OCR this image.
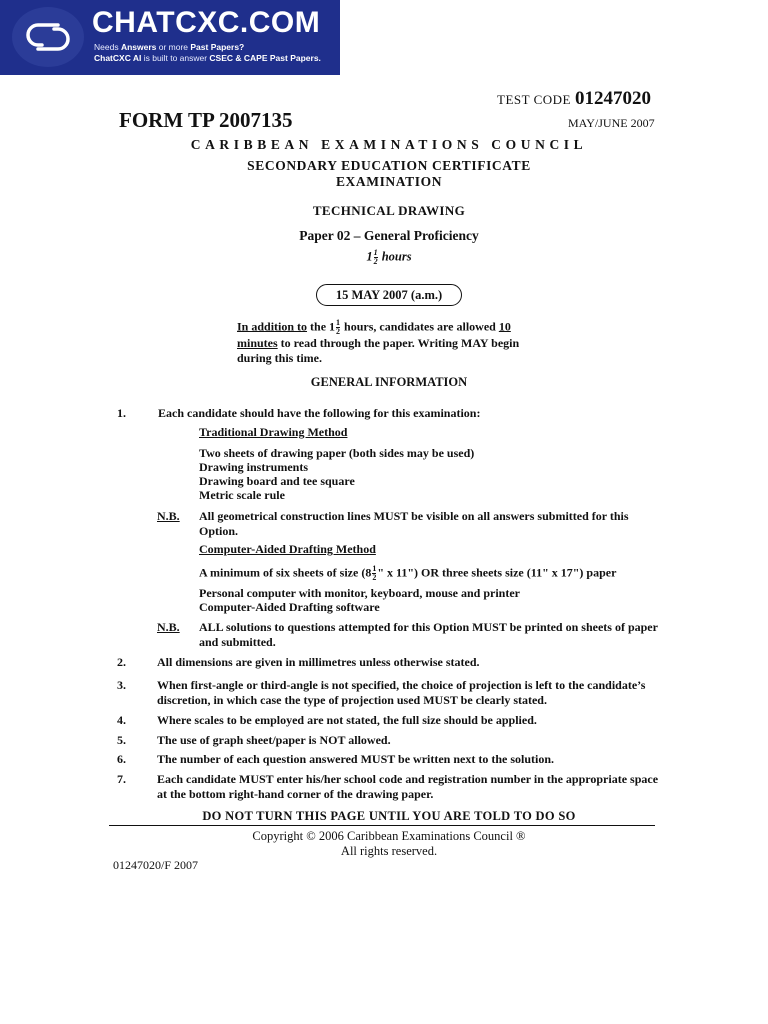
CHATCXC.COM
Needs Answers or more Past Papers?
ChatCXC AI is built to answer CSEC & CAPE Past Papers.
TEST CODE 01247020
FORM TP 2007135	MAY/JUNE 2007
CARIBBEAN EXAMINATIONS COUNCIL
SECONDARY EDUCATION CERTIFICATE
EXAMINATION
TECHNICAL DRAWING
Paper 02 – General Proficiency
$1 \frac{1}{2}$ hours
15 MAY 2007 (a.m.)
In addition to the $1 \frac{1}{2}$ hours, candidates are allowed 10 minutes to read through the paper. Writing MAY begin during this time.
GENERAL INFORMATION
1.	Each candidate should have the following for this examination:
Traditional Drawing Method
Two sheets of drawing paper (both sides may be used)
Drawing instruments
Drawing board and tee square
Metric scale rule
N.B. All geometrical construction lines MUST be visible on all answers submitted for this Option.
Computer-Aided Drafting Method
A minimum of six sheets of size ($8 \frac{1}{2}$ " x 11") OR three sheets size (11" x 17") paper
Personal computer with monitor, keyboard, mouse and printer
Computer-Aided Drafting software
N.B. ALL solutions to questions attempted for this Option MUST be printed on sheets of paper and submitted.
2.	All dimensions are given in millimetres unless otherwise stated.
3.	When first-angle or third-angle is not specified, the choice of projection is left to the candidate’s discretion, in which case the type of projection used MUST be clearly stated.
4.	Where scales to be employed are not stated, the full size should be applied.
5.	The use of graph sheet/paper is NOT allowed.
6.	The number of each question answered MUST be written next to the solution.
7.	Each candidate MUST enter his/her school code and registration number in the appropriate space at the bottom right-hand corner of the drawing paper.
DO NOT TURN THIS PAGE UNTIL YOU ARE TOLD TO DO SO
Copyright © 2006 Caribbean Examinations Council ®
All rights reserved.
01247020/F 2007
